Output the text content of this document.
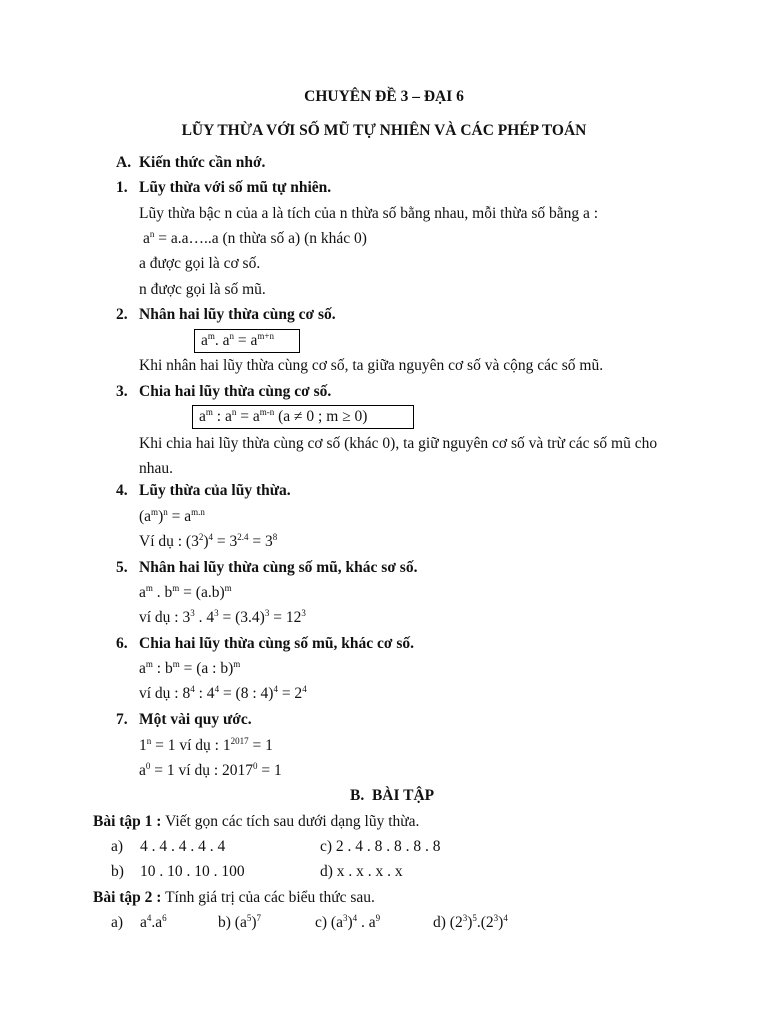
CHUYÊN ĐỀ 3 – ĐẠI 6
LŨY THỪA VỚI SỐ MŨ TỰ NHIÊN VÀ CÁC PHÉP TOÁN
A. Kiến thức cần nhớ.
1. Lũy thừa với số mũ tự nhiên.
Lũy thừa bậc n của a là tích của n thừa số bằng nhau, mỗi thừa số bằng a :
$a^n$ = a.a…..a (n thừa số a) (n khác 0)
a được gọi là cơ số.
n được gọi là số mũ.
2. Nhân hai lũy thừa cùng cơ số.
$a^m$. $a^n = a^{m+n}$
Khi nhân hai lũy thừa cùng cơ số, ta giữa nguyên cơ số và cộng các số mũ.
3. Chia hai lũy thừa cùng cơ số.
$a^m$ : $a^n = a^{m-n}$ (a ≠ 0 ; m ≥ 0)
Khi chia hai lũy thừa cùng cơ số (khác 0), ta giữ nguyên cơ số và trừ các số mũ cho nhau.
4. Lũy thừa của lũy thừa.
$(a^m)^n = a^{m.n}$
Ví dụ : $(3^2)^4 = 3^{2.4} = 3^8$
5. Nhân hai lũy thừa cùng số mũ, khác sơ số.
$a^m$ . $b^m = (a.b)^m$
ví dụ : $3^3$ . $4^3 = (3.4)^3 = 12^3$
6. Chia hai lũy thừa cùng số mũ, khác cơ số.
$a^m$ : $b^m = (a$ : b)$^m$
ví dụ : $8^4$ : $4^4 = (8$ : $4)^4 = 2^4$
7. Một vài quy ước.
$1^n = 1$ ví dụ : $1^{2017} = 1$
$a^0 = 1$ ví dụ : $2017^0 = 1$
B. BÀI TẬP
Bài tập 1 : Viết gọn các tích sau dưới dạng lũy thừa.
a) 4 . 4 . 4 . 4 . 4	c) 2 . 4 . 8 . 8 . 8 . 8
b) 10 . 10 . 10 . 100	d) x . x . x . x
Bài tập 2 : Tính giá trị của các biểu thức sau.
a) $a^4.a^6$	b) $(a^5)^7$	c) $(a^3)^4$ . $a^9$	d) $(2^3)^5.(2^3)^4$
